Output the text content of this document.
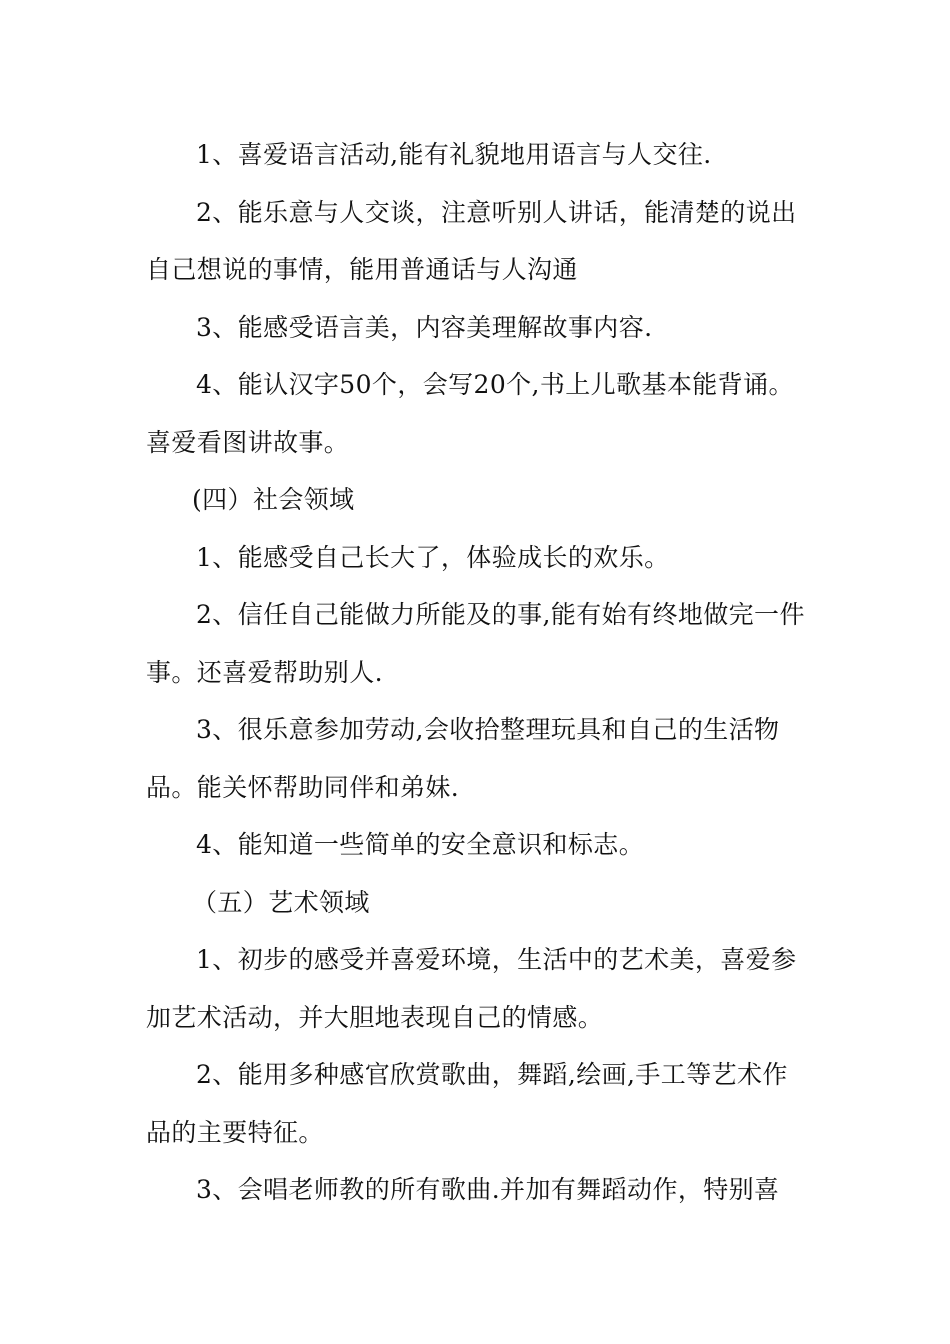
1、喜爱语言活动,能有礼貌地用语言与人交往.

2、能乐意与人交谈，注意听别人讲话，能清楚的说出自己想说的事情，能用普通话与人沟通

3、能感受语言美，内容美理解故事内容.

4、能认汉字50个，会写20个,书上儿歌基本能背诵。喜爱看图讲故事。

(四）社会领域

1、能感受自己长大了，体验成长的欢乐。

2、信任自己能做力所能及的事,能有始有终地做完一件事。还喜爱帮助别人.

3、很乐意参加劳动,会收拾整理玩具和自己的生活物品。能关怀帮助同伴和弟妹.

4、能知道一些简单的安全意识和标志。

（五）艺术领域

1、初步的感受并喜爱环境，生活中的艺术美，喜爱参加艺术活动，并大胆地表现自己的情感。

2、能用多种感官欣赏歌曲，舞蹈,绘画,手工等艺术作品的主要特征。

3、会唱老师教的所有歌曲.并加有舞蹈动作，特别喜
